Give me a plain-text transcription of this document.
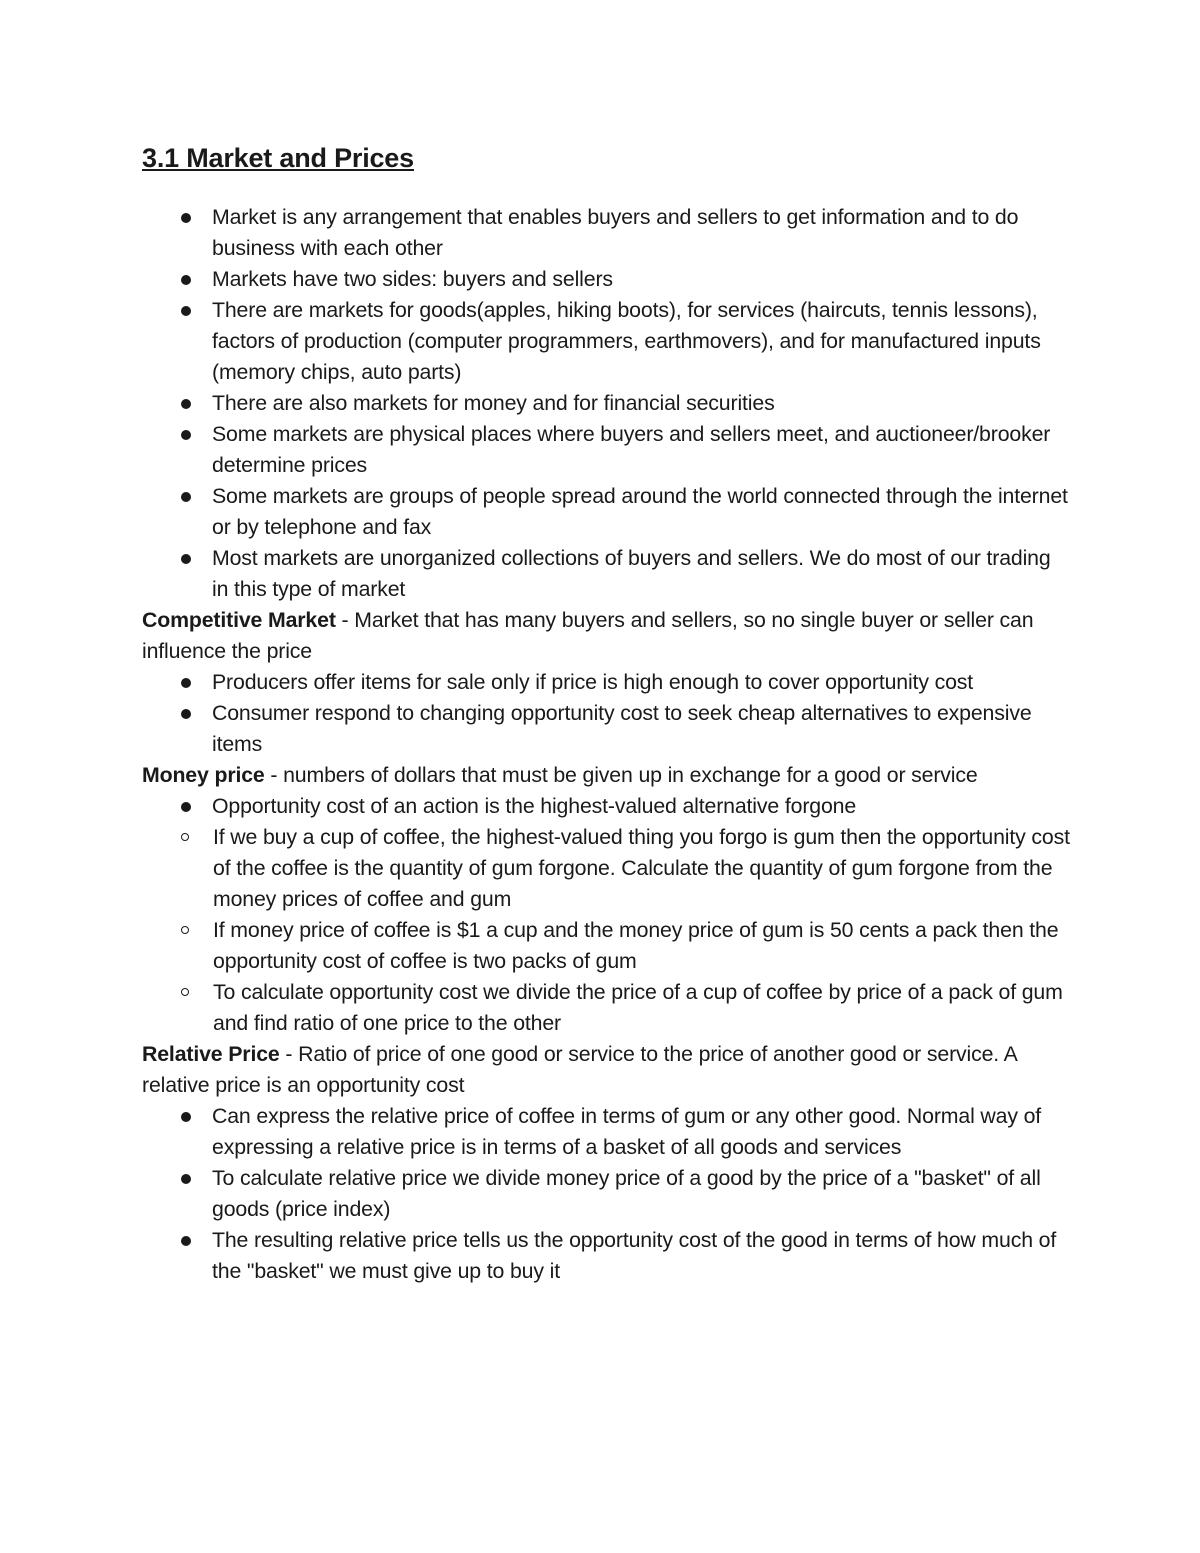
3.1 Market and Prices
Market is any arrangement that enables buyers and sellers to get information and to do business with each other
Markets have two sides: buyers and sellers
There are markets for goods(apples, hiking boots), for services (haircuts, tennis lessons), factors of production (computer programmers, earthmovers), and for manufactured inputs (memory chips, auto parts)
There are also markets for money and for financial securities
Some markets are physical places where buyers and sellers meet, and auctioneer/brooker determine prices
Some markets are groups of people spread around the world connected through the internet or by telephone and fax
Most markets are unorganized collections of buyers and sellers. We do most of our trading in this type of market

Competitive Market - Market that has many buyers and sellers, so no single buyer or seller can influence the price

Producers offer items for sale only if price is high enough to cover opportunity cost
Consumer respond to changing opportunity cost to seek cheap alternatives to expensive items

Money price - numbers of dollars that must be given up in exchange for a good or service

Opportunity cost of an action is the highest-valued alternative forgone
If we buy a cup of coffee, the highest-valued thing you forgo is gum then the opportunity cost of the coffee is the quantity of gum forgone. Calculate the quantity of gum forgone from the money prices of coffee and gum
If money price of coffee is $1 a cup and the money price of gum is 50 cents a pack then the opportunity cost of coffee is two packs of gum
To calculate opportunity cost we divide the price of a cup of coffee by price of a pack of gum and find ratio of one price to the other

Relative Price - Ratio of price of one good or service to the price of another good or service. A relative price is an opportunity cost

Can express the relative price of coffee in terms of gum or any other good. Normal way of expressing a relative price is in terms of a basket of all goods and services
To calculate relative price we divide money price of a good by the price of a "basket" of all goods (price index)
The resulting relative price tells us the opportunity cost of the good in terms of how much of the "basket" we must give up to buy it
